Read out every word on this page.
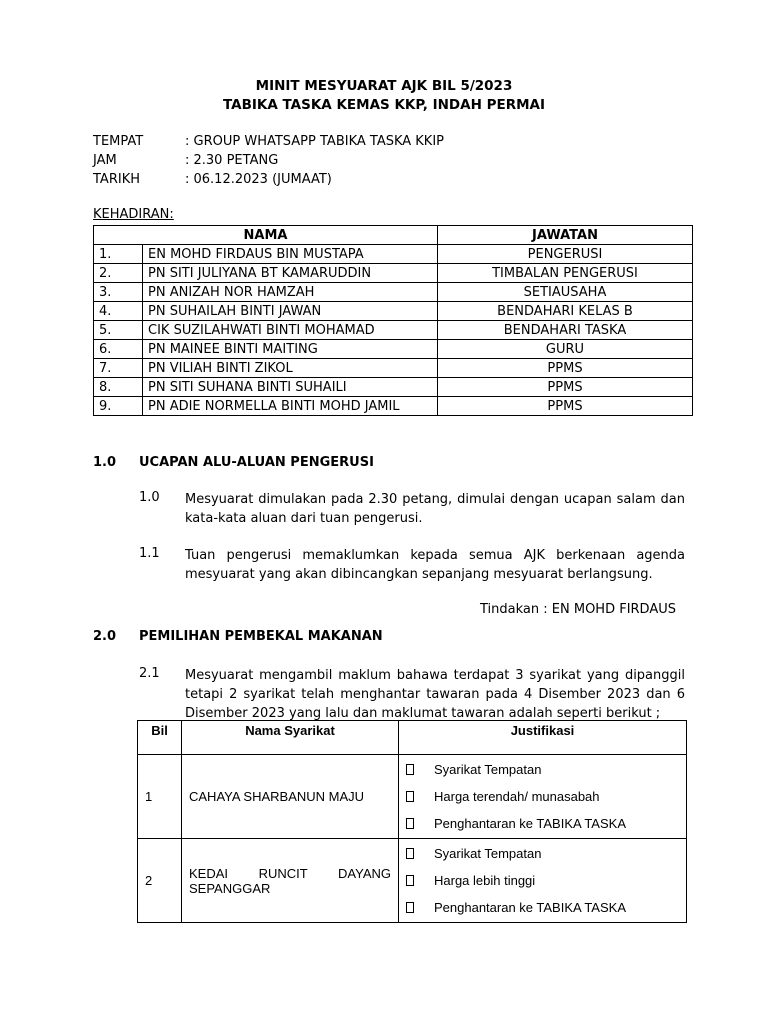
MINIT MESYUARAT AJK BIL 5/2023
TABIKA TASKA KEMAS KKP, INDAH PERMAI
TEMPAT	: GROUP WHATSAPP TABIKA TASKA KKIP
JAM	: 2.30 PETANG
TARIKH	: 06.12.2023 (JUMAAT)
KEHADIRAN:
NAMA		JAWATAN
1.	EN MOHD FIRDAUS BIN MUSTAPA	PENGERUSI
2.	PN SITI JULIYANA BT KAMARUDDIN	TIMBALAN PENGERUSI
3.	PN ANIZAH NOR HAMZAH	SETIAUSAHA
4.	PN SUHAILAH BINTI JAWAN	BENDAHARI KELAS B
5.	CIK SUZILAHWATI BINTI MOHAMAD	BENDAHARI TASKA
6.	PN MAINEE BINTI MAITING	GURU
7.	PN VILIAH BINTI ZIKOL	PPMS
8.	PN SITI SUHANA BINTI SUHAILI	PPMS
9.	PN ADIE NORMELLA BINTI MOHD JAMIL	PPMS
1.0 UCAPAN ALU-ALUAN PENGERUSI
1.0 Mesyuarat dimulakan pada 2.30 petang, dimulai dengan ucapan salam dan kata-kata aluan dari tuan pengerusi.
1.1 Tuan pengerusi memaklumkan kepada semua AJK berkenaan agenda mesyuarat yang akan dibincangkan sepanjang mesyuarat berlangsung.
Tindakan : EN MOHD FIRDAUS
2.0 PEMILIHAN PEMBEKAL MAKANAN
2.1 Mesyuarat mengambil maklum bahawa terdapat 3 syarikat yang dipanggil tetapi 2 syarikat telah menghantar tawaran pada 4 Disember 2023 dan 6 Disember 2023 yang lalu dan maklumat tawaran adalah seperti berikut ;
Bil	Nama Syarikat	Justifikasi
1	CAHAYA SHARBANUN MAJU	Syarikat Tempatan
Harga terendah/ munasabah
Penghantaran ke TABIKA TASKA

2	KEDAI RUNCIT DAYANG SEPANGGAR	Syarikat Tempatan
Harga lebih tinggi
Penghantaran ke TABIKA TASKA
